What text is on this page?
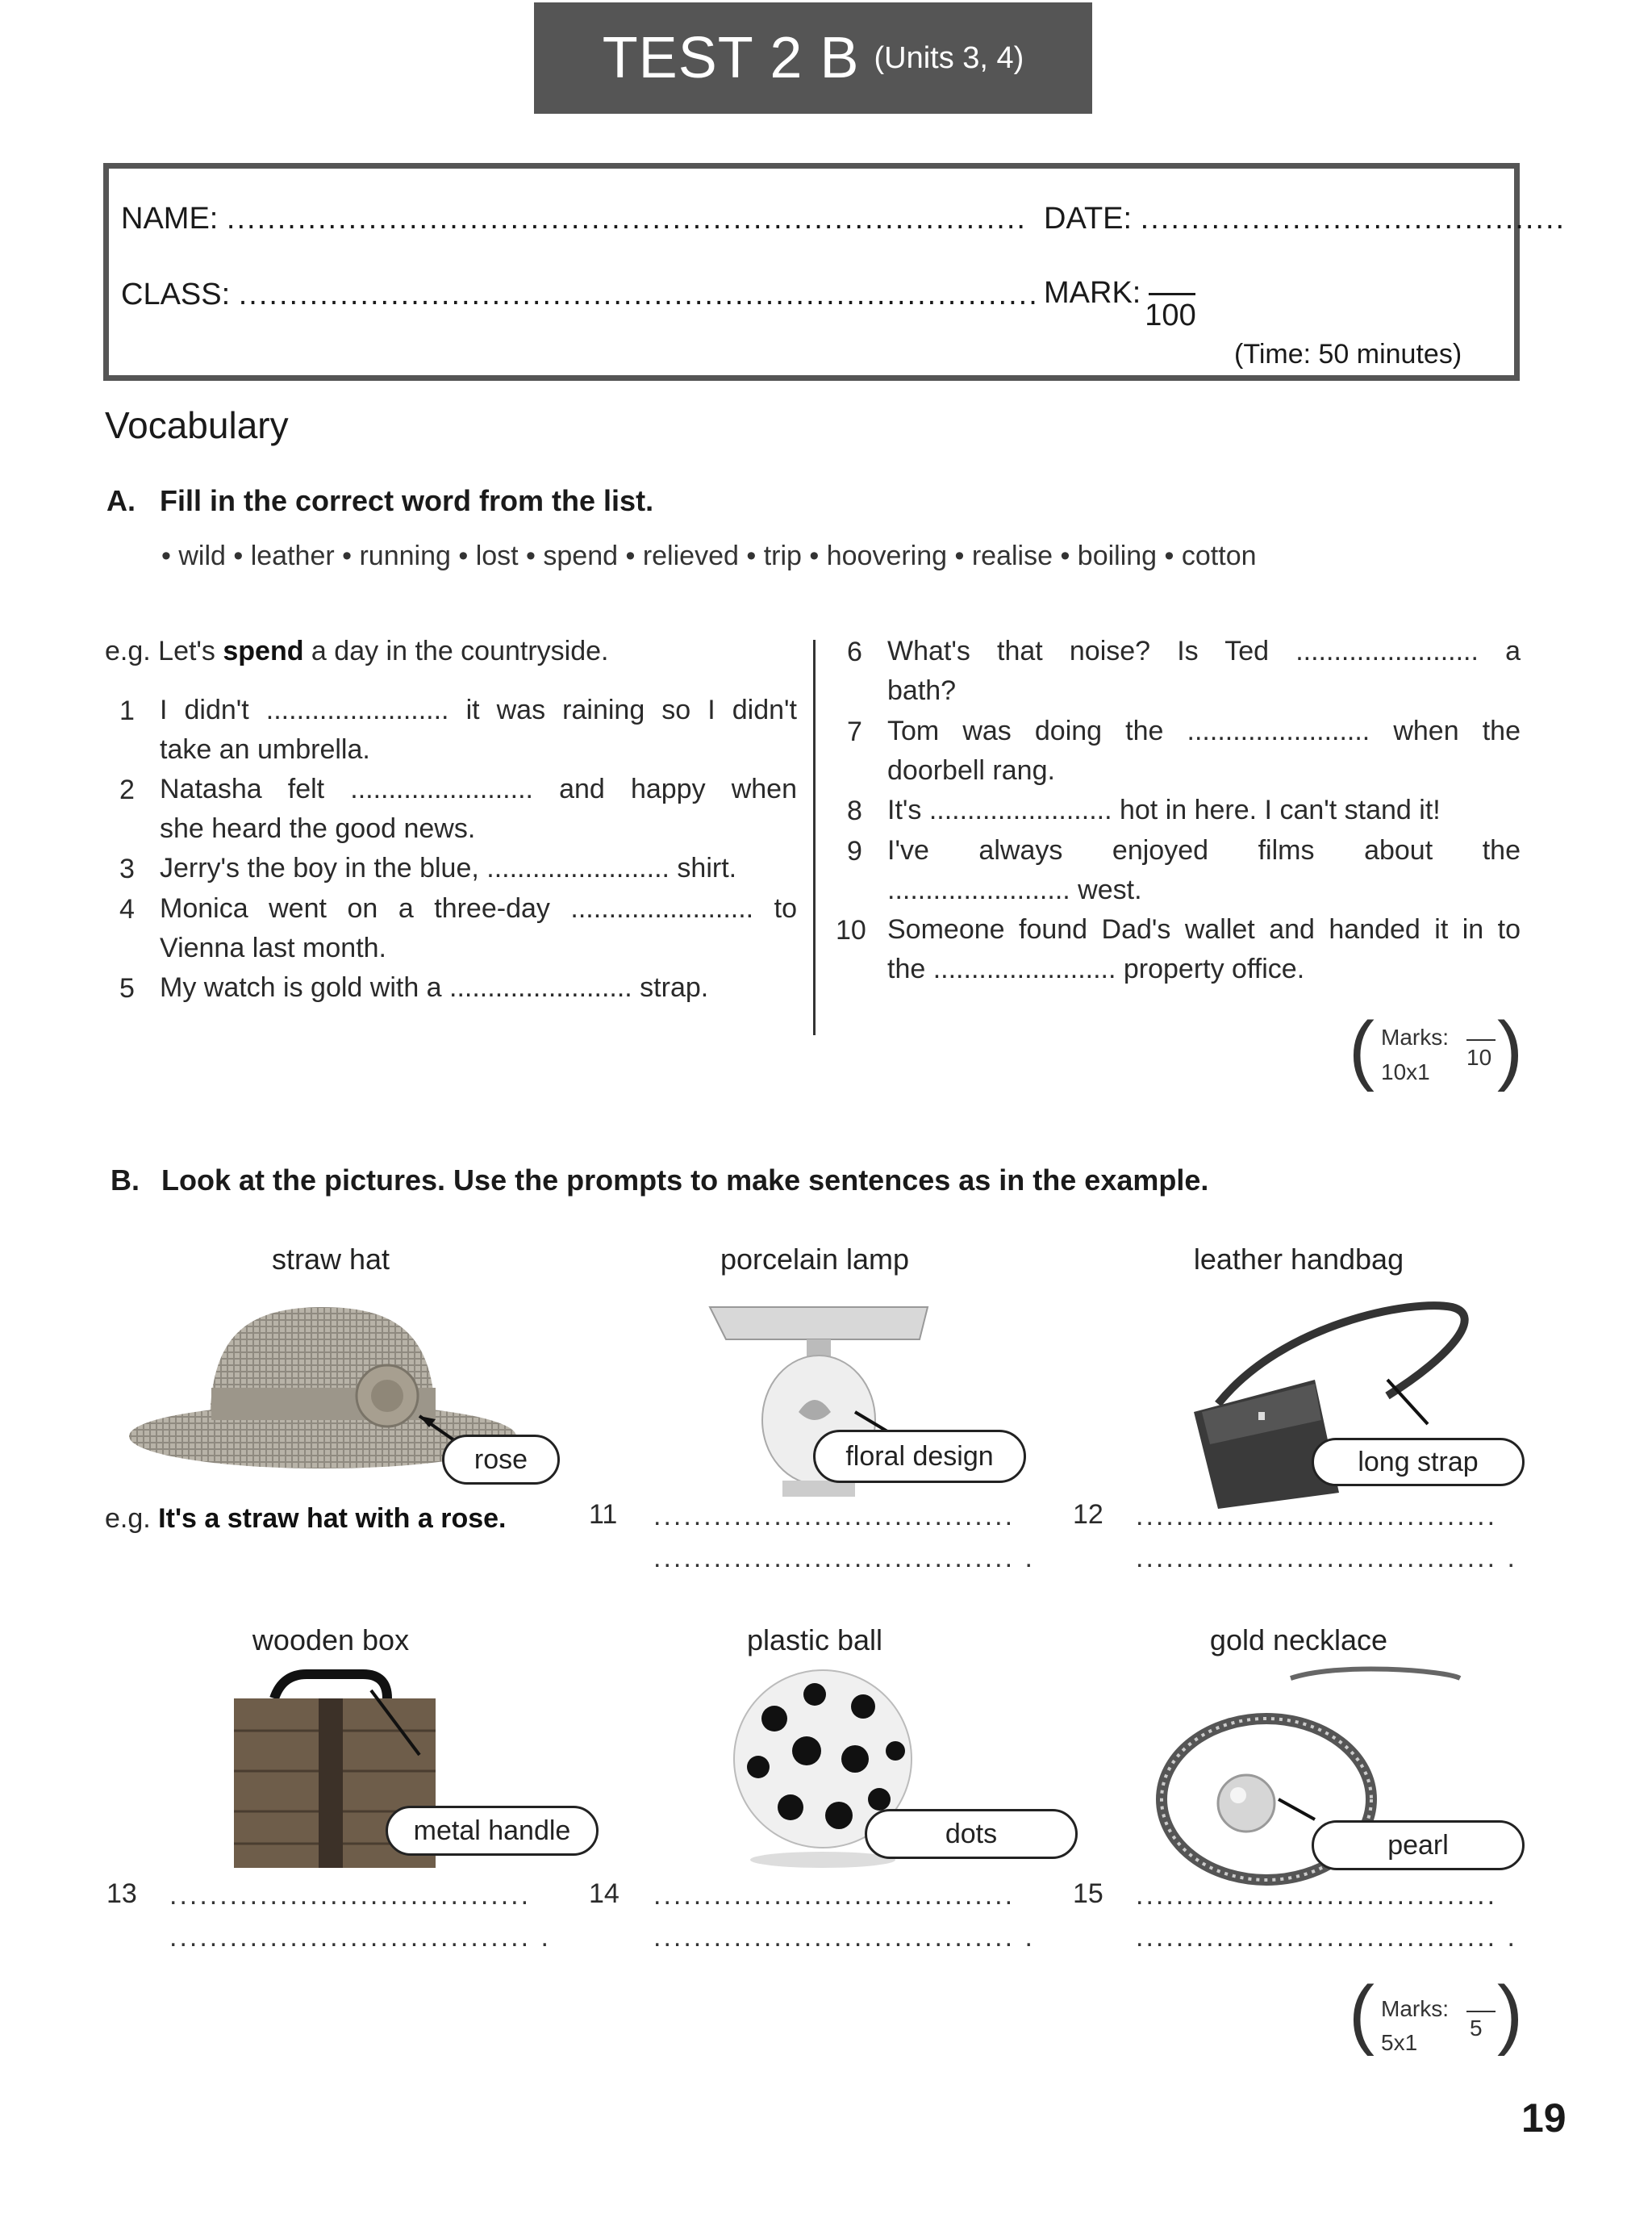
TEST 2 B (Units 3, 4)
NAME: ............................................................................... DATE: ..........................................
CLASS: ............................................................................... MARK:
100
(Time: 50 minutes)
Vocabulary
A. Fill in the correct word from the list.
• wild • leather • running • lost • spend • relieved • trip • hoovering • realise • boiling • cotton
e.g. Let's spend a day in the countryside.
1 I didn't ........................ it was raining so I didn't
take an umbrella.
2 Natasha felt ........................ and happy when
she heard the good news.
3 Jerry's the boy in the blue, ........................ shirt.
4 Monica went on a three-day ........................ to
Vienna last month.
5 My watch is gold with a ........................ strap.
6 What's that noise? Is Ted ........................ a
bath?
7 Tom was doing the ........................ when the
doorbell rang.
8 It's ........................ hot in here. I can't stand it!
9 I've always enjoyed films about the
........................ west.
10 Someone found Dad's wallet and handed it in to
the ........................ property office.
( Marks:
10x1
10 )
B. Look at the pictures. Use the prompts to make sentences as in the example.
straw hat	porcelain lamp	leather handbag
wooden box	plastic ball	gold necklace
rose	floral design	long strap
metal handle	dots	pearl
e.g. It's a straw hat with a rose.	11 ....................................
.................................... .
12 ....................................
.................................... .
13 ....................................
.................................... .
14 ....................................
.................................... .
15 ....................................
.................................... .
( Marks:
5x1
5 )
19
